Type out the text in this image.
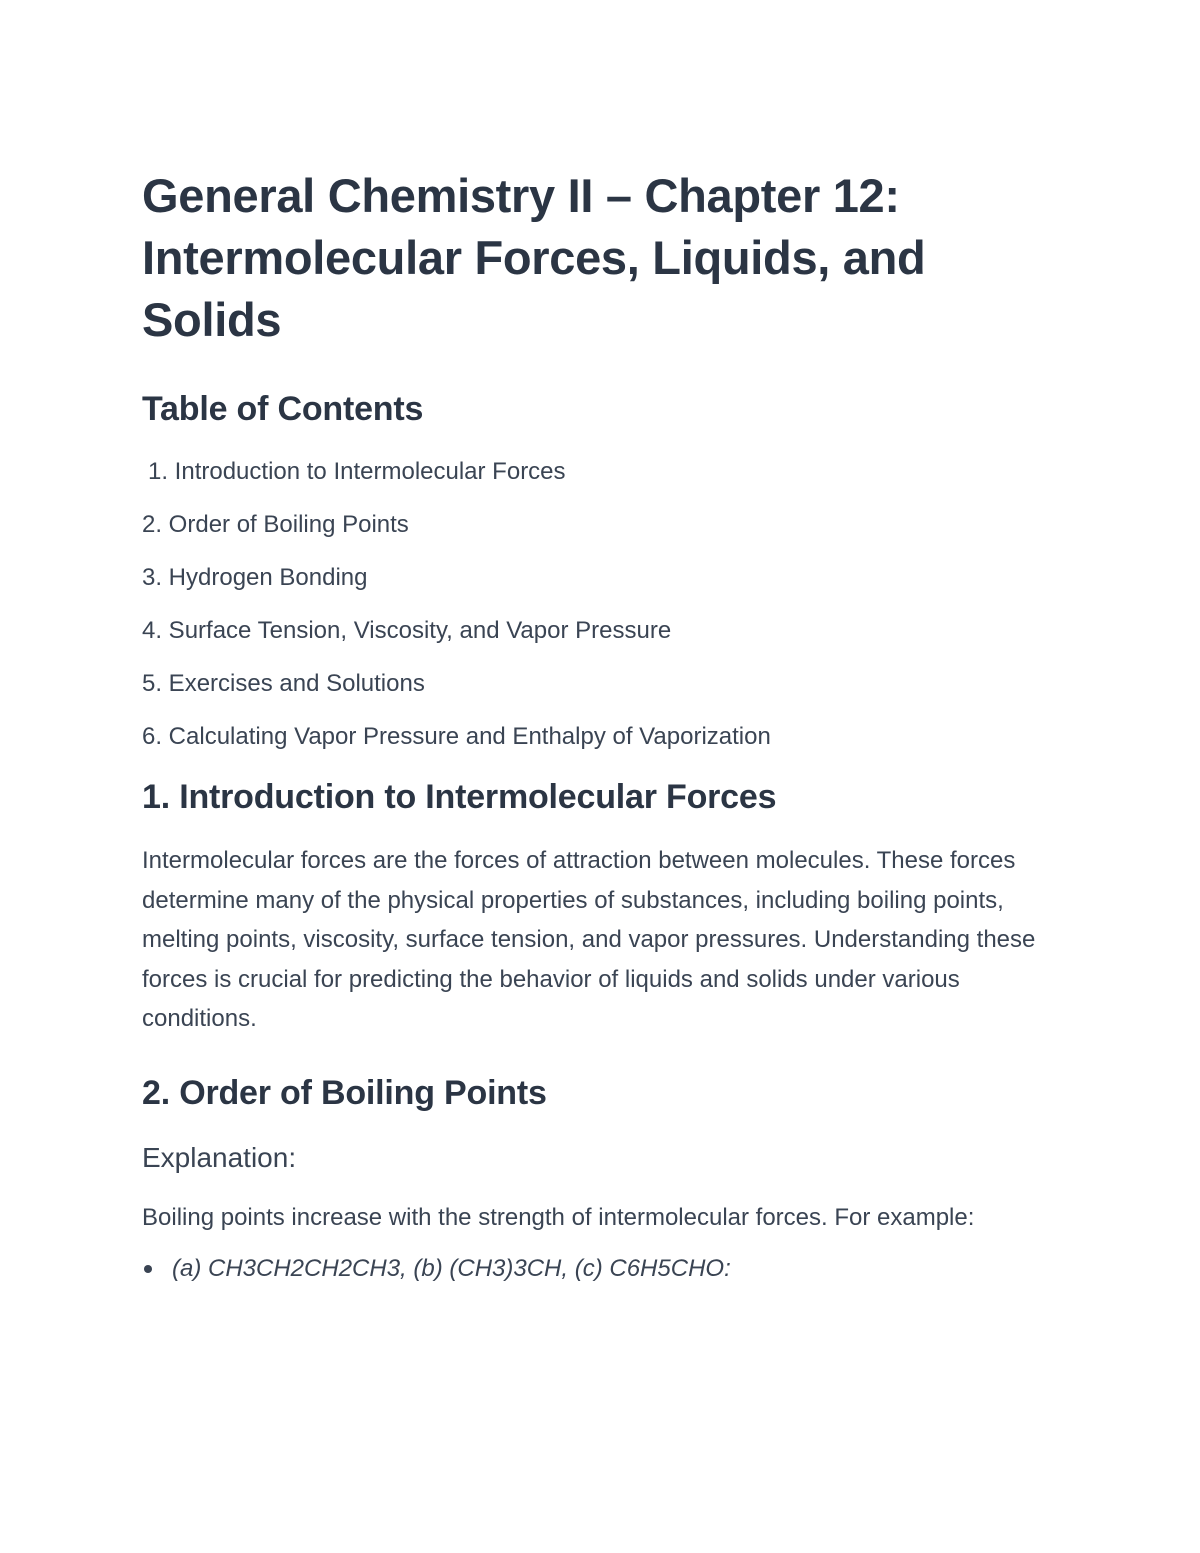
General Chemistry II – Chapter 12: Intermolecular Forces, Liquids, and Solids
Table of Contents
1. Introduction to Intermolecular Forces
2. Order of Boiling Points
3. Hydrogen Bonding
4. Surface Tension, Viscosity, and Vapor Pressure
5. Exercises and Solutions
6. Calculating Vapor Pressure and Enthalpy of Vaporization
1. Introduction to Intermolecular Forces

Intermolecular forces are the forces of attraction between molecules. These forces determine many of the physical properties of substances, including boiling points, melting points, viscosity, surface tension, and vapor pressures. Understanding these forces is crucial for predicting the behavior of liquids and solids under various conditions.

2. Order of Boiling Points
Explanation:

Boiling points increase with the strength of intermolecular forces. For example:

(a) CH3CH2CH2CH3, (b) (CH3)3CH, (c) C6H5CHO:
